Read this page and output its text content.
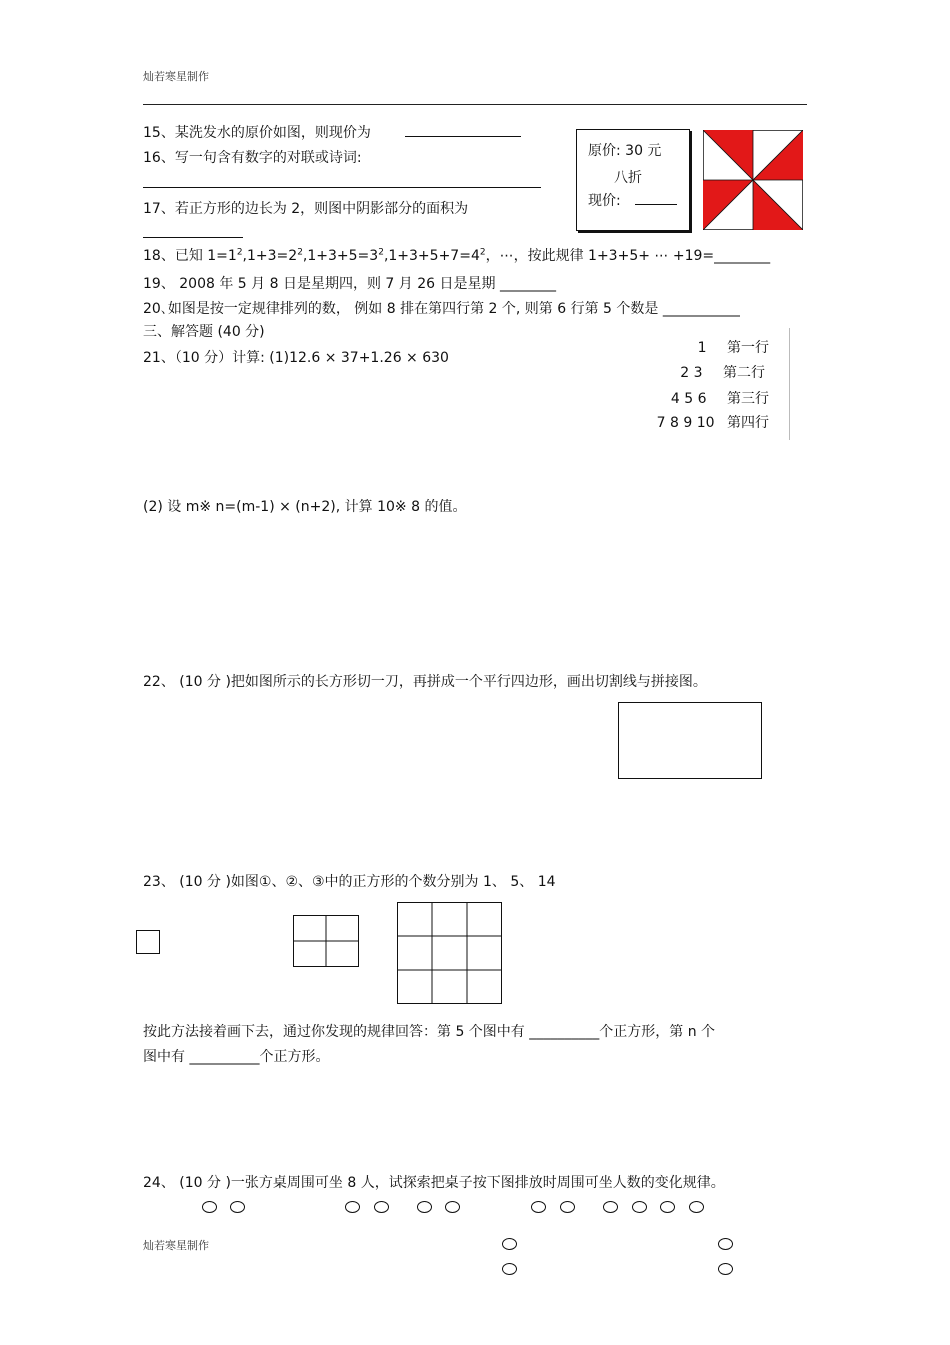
灿若寒星制作
15、某洗发水的原价如图，则现价为
原价: 30 元
八折
现价:
16、写一句含有数字的对联或诗词:
17、若正方形的边长为 2，则图中阴影部分的面积为
18、已知 $1=1^2,1+3=2^2,1+3+5=3^2,1+3+5+7=4^2$，⋯，按此规律 1+3+5+ ⋯ +19=________
19、 2008 年 5 月 8 日是星期四，则 7 月 26 日是星期 ________
20､如图是按一定规律排列的数， 例如 8 排在第四行第 2 个, 则第 6 行第 5 个数是 ___________
三、解答题 (40 分)
21、（10 分）计算: (1)12.6 × 37+1.26 × 630
1 第一行
2 3 第二行
4 5 6 第三行
7 8 9 10 第四行
(2) 设 m※ n=(m-1) × (n+2), 计算 10※ 8 的值。
22、 (10 分 )把如图所示的长方形切一刀，再拼成一个平行四边形，画出切割线与拼接图。
23、 (10 分 )如图①、②、③中的正方形的个数分别为 1、 5、 14
按此方法接着画下去，通过你发现的规律回答：第 5 个图中有 __________个正方形，第 n 个
图中有 __________个正方形。
24、 (10 分 )一张方桌周围可坐 8 人，试探索把桌子按下图排放时周围可坐人数的变化规律。
灿若寒星制作
